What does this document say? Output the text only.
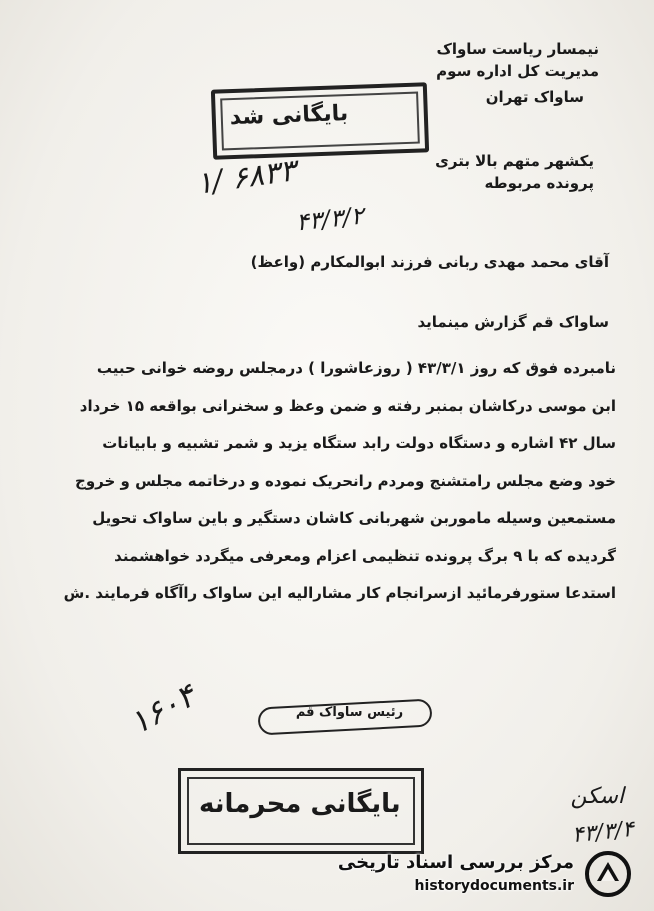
نیمسار ریاست ساواک
مدیریت کل اداره سوم
ساواک تهران
بایگانی شد
یکشهر متهم بالا بتری
پرونده مربوطه
۱/ ۶۸۳۳
۴۳/۳/۲
آقای محمد مهدی ربانی فرزند ابوالمکارم (واعظ)
ساواک قم گزارش مینماید

نامبرده فوق که روز ۴۳/۳/۱ ( روزعاشورا ) درمجلس روضه خوانی حبیب

ابن موسی درکاشان بمنبر رفته و ضمن وعظ و سخنرانی بواقعه ۱۵ خرداد

سال ۴۲ اشاره و دستگاه دولت رابد ستگاه یزید و شمر تشبیه و بابیانات

خود وضع مجلس رامتشنج ومردم رانحریک نموده و درخاتمه مجلس و خروج

مستمعین وسیله ماموربن شهربانی کاشان دستگیر و باین ساواک تحویل

گردیده که با ۹ برگ پرونده تنظیمی اعزام ومعرفی میگردد خواهشمند

استدعا ستورفرمائید ازسرانجام کار مشارالیه این ساواک راآگاه فرمایند .ش

۱۶۰۴	رئیس ساواک قم
بایگانی محرمانه	اسکن
۴۳/۳/۴
مرکز بررسی اسناد تاریخی
historydocuments.ir
